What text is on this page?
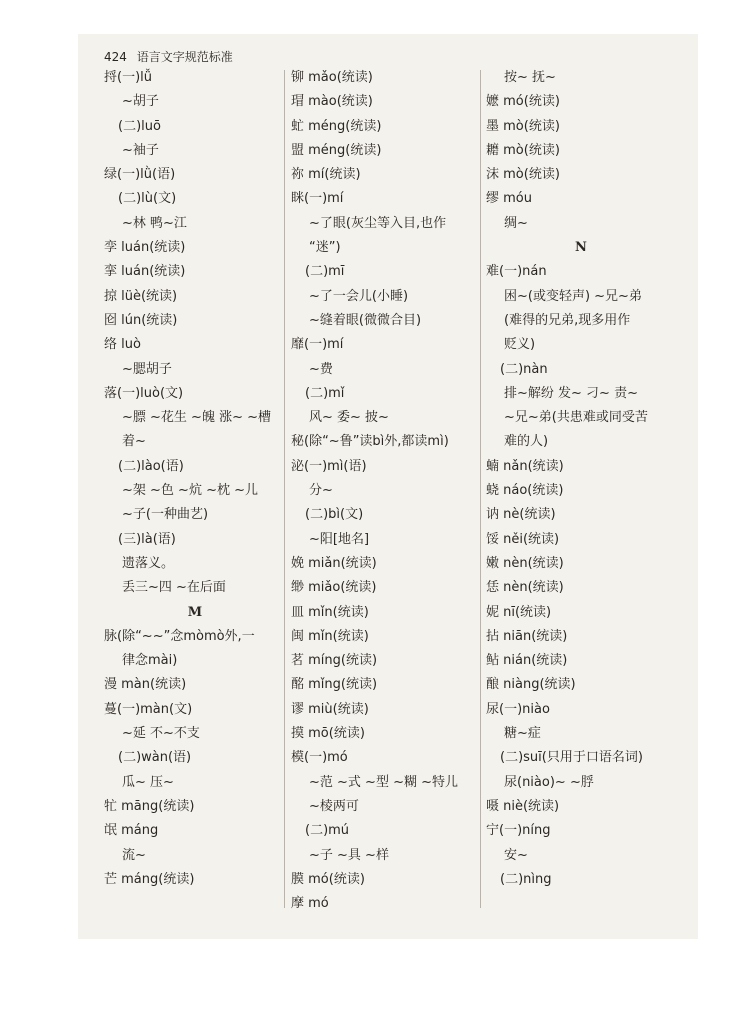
424 语言文字规范标准
捋(一)lǚ
~胡子
(二)luō
~袖子
绿(一)lǜ(语)
(二)lù(文)
~林 鸭~江
孪 luán(统读)
挛 luán(统读)
掠 lüè(统读)
囵 lún(统读)
络 luò
~腮胡子
落(一)luò(文)
~膘 ~花生 ~魄 涨~ ~槽
着~
(二)lào(语)
~架 ~色 ~炕 ~枕 ~儿
~子(一种曲艺)
(三)là(语)
遗落义。
丢三~四 ~在后面
M
脉(除“~~”念mòmò外,一
律念mài)
漫 màn(统读)
蔓(一)màn(文)
~延 不~不支
(二)wàn(语)
瓜~ 压~
牤 māng(统读)
氓 máng
流~
芒 máng(统读)
铆 mǎo(统读)
瑁 mào(统读)
虻 méng(统读)
盟 méng(统读)
祢 mí(统读)
眯(一)mí
~了眼(灰尘等入目,也作
“迷”)
(二)mī
~了一会儿(小睡)
~缝着眼(微微合目)
靡(一)mí
~费
(二)mǐ
风~ 委~ 披~
秘(除“~鲁”读bì外,都读mì)
泌(一)mì(语)
分~
(二)bì(文)
~阳[地名]
娩 miǎn(统读)
缈 miǎo(统读)
皿 mǐn(统读)
闽 mǐn(统读)
茗 míng(统读)
酩 mǐng(统读)
谬 miù(统读)
摸 mō(统读)
模(一)mó
~范 ~式 ~型 ~糊 ~特儿
~棱两可
(二)mú
~子 ~具 ~样
膜 mó(统读)
摩 mó
按~ 抚~
嬷 mó(统读)
墨 mò(统读)
耱 mò(统读)
沫 mò(统读)
缪 móu
绸~
N
难(一)nán
困~(或变轻声) ~兄~弟
(难得的兄弟,现多用作
贬义)
(二)nàn
排~解纷 发~ 刁~ 责~
~兄~弟(共患难或同受苦
难的人)
蝻 nǎn(统读)
蛲 náo(统读)
讷 nè(统读)
馁 něi(统读)
嫩 nèn(统读)
恁 nèn(统读)
妮 nī(统读)
拈 niān(统读)
鲇 nián(统读)
酿 niàng(统读)
尿(一)niào
糖~症
(二)suī(只用于口语名词)
尿(niào)~ ~脬
嗫 niè(统读)
宁(一)níng
安~
(二)nìng
